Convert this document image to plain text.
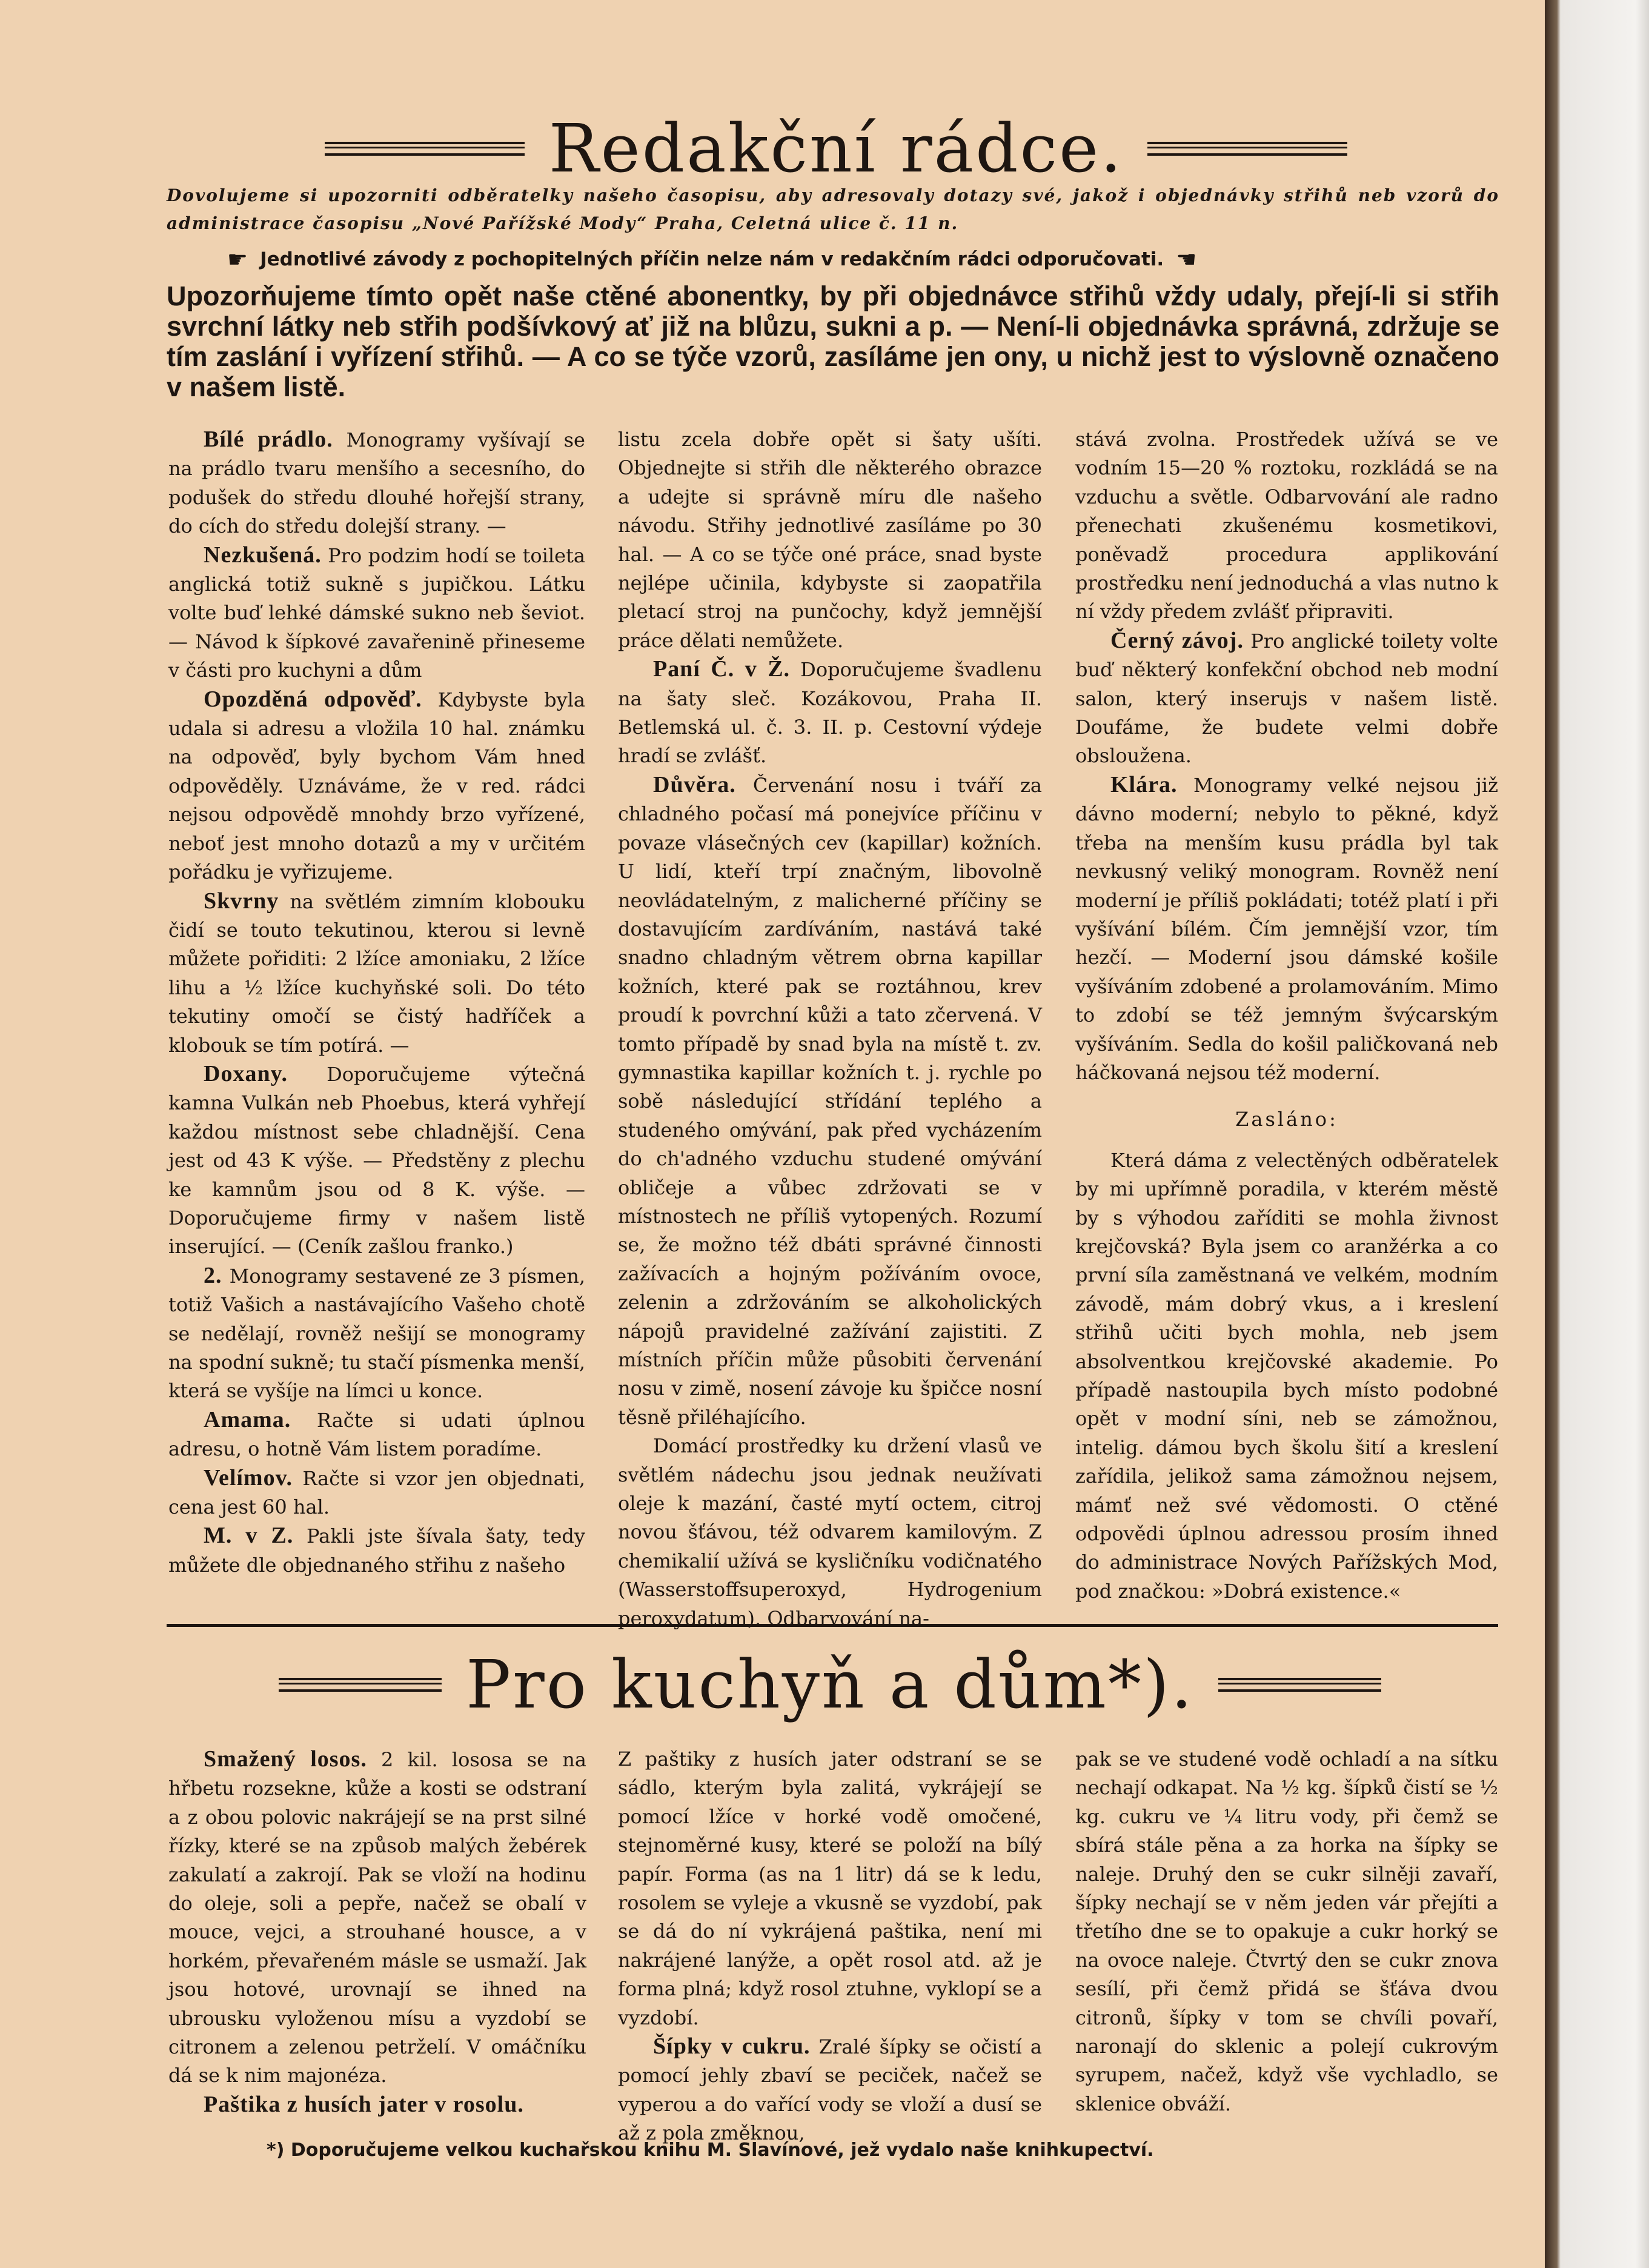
Redakční rádce.

Dovolujeme si upozorniti odběratelky našeho časopisu, aby adresovaly dotazy své, jakož i objednávky střihů neb vzorů do administrace časopisu „Nové Pařížské Mody“ Praha, Celetná ulice č. 11 n.

☛ Jednotlivé závody z pochopitelných příčin nelze nám v redakčním rádci odporučovati. ☚

Upozorňujeme tímto opět naše ctěné abonentky, by při objednávce střihů vždy udaly, přejí-li si střih svrchní látky neb střih podšívkový ať již na blůzu, sukni a p. — Není-li objednávka správná, zdržuje se tím zaslání i vyřízení střihů. — A co se týče vzorů, zasíláme jen ony, u nichž jest to výslovně označeno v našem listě.

Bílé prádlo. Monogramy vyšívají se na prádlo tvaru menšího a secesního, do podušek do středu dlouhé hořejší strany, do cích do středu dolejší strany. —

Nezkušená. Pro podzim hodí se toileta anglická totiž sukně s jupičkou. Látku volte buď lehké dámské sukno neb ševiot. — Návod k šípkové zavařenině přineseme v části pro kuchyni a dům

Opozděná odpověď. Kdybyste byla udala si adresu a vložila 10 hal. známku na odpověď, byly bychom Vám hned odpověděly. Uznáváme, že v red. rádci nejsou odpovědě mnohdy brzo vyřízené, neboť jest mnoho dotazů a my v určitém pořádku je vyřizujeme.

Skvrny na světlém zimním klobouku čidí se touto tekutinou, kterou si levně můžete pořiditi: 2 lžíce amoniaku, 2 lžíce lihu a ½ lžíce kuchyňské soli. Do této tekutiny omočí se čistý hadříček a klobouk se tím potírá. —

Doxany. Doporučujeme výtečná kamna Vulkán neb Phoebus, která vyhřejí každou místnost sebe chladnější. Cena jest od 43 K výše. — Předstěny z plechu ke kamnům jsou od 8 K. výše. — Doporučujeme firmy v našem listě inserující. — (Ceník zašlou franko.)

2. Monogramy sestavené ze 3 písmen, totiž Vašich a nastávajícího Vašeho chotě se nedělají, rovněž nešijí se monogramy na spodní sukně; tu stačí písmenka menší, která se vyšíje na límci u konce.

Amama. Račte si udati úplnou adresu, o hotně Vám listem poradíme.

Velímov. Račte si vzor jen objednati, cena jest 60 hal.

M. v Z. Pakli jste šívala šaty, tedy můžete dle objednaného střihu z našeho

listu zcela dobře opět si šaty ušíti. Objednejte si střih dle některého obrazce a udejte si správně míru dle našeho návodu. Střihy jednotlivé zasíláme po 30 hal. — A co se týče oné práce, snad byste nejlépe učinila, kdybyste si zaopatřila pletací stroj na punčochy, když jemnější práce dělati nemůžete.

Paní Č. v Ž. Doporučujeme švadlenu na šaty sleč. Kozákovou, Praha II. Betlemská ul. č. 3. II. p. Cestovní výdeje hradí se zvlášť.

Důvěra. Červenání nosu i tváří za chladného počasí má ponejvíce příčinu v povaze vlásečných cev (kapillar) kožních. U lidí, kteří trpí značným, libovolně neovládatelným, z malicherné příčiny se dostavujícím zardíváním, nastává také snadno chladným větrem obrna kapillar kožních, které pak se roztáhnou, krev proudí k povrchní kůži a tato zčervená. V tomto případě by snad byla na místě t. zv. gymnastika kapillar kožních t. j. rychle po sobě následující střídání teplého a studeného omývání, pak před vycházením do ch'adného vzduchu studené omývání obličeje a vůbec zdržovati se v místnostech ne příliš vytopených. Rozumí se, že možno též dbáti správné činnosti zažívacích a hojným požíváním ovoce, zelenin a zdržováním se alkoholických nápojů pravidelné zažívání zajistiti. Z místních příčin může působiti červenání nosu v zimě, nosení závoje ku špičce nosní těsně přiléhajícího.

Domácí prostředky ku držení vlasů ve světlém nádechu jsou jednak neužívati oleje k mazání, časté mytí octem, citroj novou šťávou, též odvarem kamilovým. Z chemikalií užívá se kysličníku vodičnatého (Wasserstoffsuperoxyd, Hydrogenium peroxydatum). Odbarvování na-

stává zvolna. Prostředek užívá se ve vodním 15—20 % roztoku, rozkládá se na vzduchu a světle. Odbarvování ale radno přenechati zkušenému kosmetikovi, poněvadž procedura applikování prostředku není jednoduchá a vlas nutno k ní vždy předem zvlášť připraviti.

Černý závoj. Pro anglické toilety volte buď některý konfekční obchod neb modní salon, který inserujs v našem listě. Doufáme, že budete velmi dobře obsloužena.

Klára. Monogramy velké nejsou již dávno moderní; nebylo to pěkné, když třeba na menším kusu prádla byl tak nevkusný veliký monogram. Rovněž není moderní je příliš pokládati; totéž platí i při vyšívání bílém. Čím jemnější vzor, tím hezčí. — Moderní jsou dámské košile vyšíváním zdobené a prolamováním. Mimo to zdobí se též jemným švýcarským vyšíváním. Sedla do košil paličkovaná neb háčkovaná nejsou též moderní.

Zasláno:

Která dáma z velectěných odběratelek by mi upřímně poradila, v kterém městě by s výhodou zaříditi se mohla živnost krejčovská? Byla jsem co aranžérka a co první síla zaměstnaná ve velkém, modním závodě, mám dobrý vkus, a i kreslení střihů učiti bych mohla, neb jsem absolventkou krejčovské akademie. Po případě nastoupila bych místo podobné opět v modní síni, neb se zámožnou, intelig. dámou bych školu šití a kreslení zařídila, jelikož sama zámožnou nejsem, mámť než své vědomosti. O ctěné odpovědi úplnou adressou prosím ihned do administrace Nových Pařížských Mod, pod značkou: »Dobrá existence.«

Pro kuchyň a dům*).

Smažený losos. 2 kil. lososa se na hřbetu rozsekne, kůže a kosti se odstraní a z obou polovic nakrájejí se na prst silné řízky, které se na způsob malých žebérek zakulatí a zakrojí. Pak se vloží na hodinu do oleje, soli a pepře, načež se obalí v mouce, vejci, a strouhané housce, a v horkém, převařeném másle se usmaží. Jak jsou hotové, urovnají se ihned na ubrousku vyloženou mísu a vyzdobí se citronem a zelenou petrželí. V omáčníku dá se k nim majonéza.

Paštika z husích jater v rosolu.

Z paštiky z husích jater odstraní se se sádlo, kterým byla zalitá, vykrájejí se pomocí lžíce v horké vodě omočené, stejnoměrné kusy, které se položí na bílý papír. Forma (as na 1 litr) dá se k ledu, rosolem se vyleje a vkusně se vyzdobí, pak se dá do ní vykrájená paštika, není mi nakrájené lanýže, a opět rosol atd. až je forma plná; když rosol ztuhne, vyklopí se a vyzdobí.

Šípky v cukru. Zralé šípky se očistí a pomocí jehly zbaví se peciček, načež se vyperou a do vařící vody se vloží a dusí se až z pola změknou,

pak se ve studené vodě ochladí a na sítku nechají odkapat. Na ½ kg. šípků čistí se ½ kg. cukru ve ¼ litru vody, při čemž se sbírá stále pěna a za horka na šípky se naleje. Druhý den se cukr silněji zavaří, šípky nechají se v něm jeden vár přejíti a třetího dne se to opakuje a cukr horký se na ovoce naleje. Čtvrtý den se cukr znova sesílí, při čemž přidá se šťáva dvou citronů, šípky v tom se chvíli povaří, naronají do sklenic a polejí cukrovým syrupem, načež, když vše vychladlo, se sklenice obváží.

*) Doporučujeme velkou kuchařskou knihu M. Slavínové, jež vydalo naše knihkupectví.
